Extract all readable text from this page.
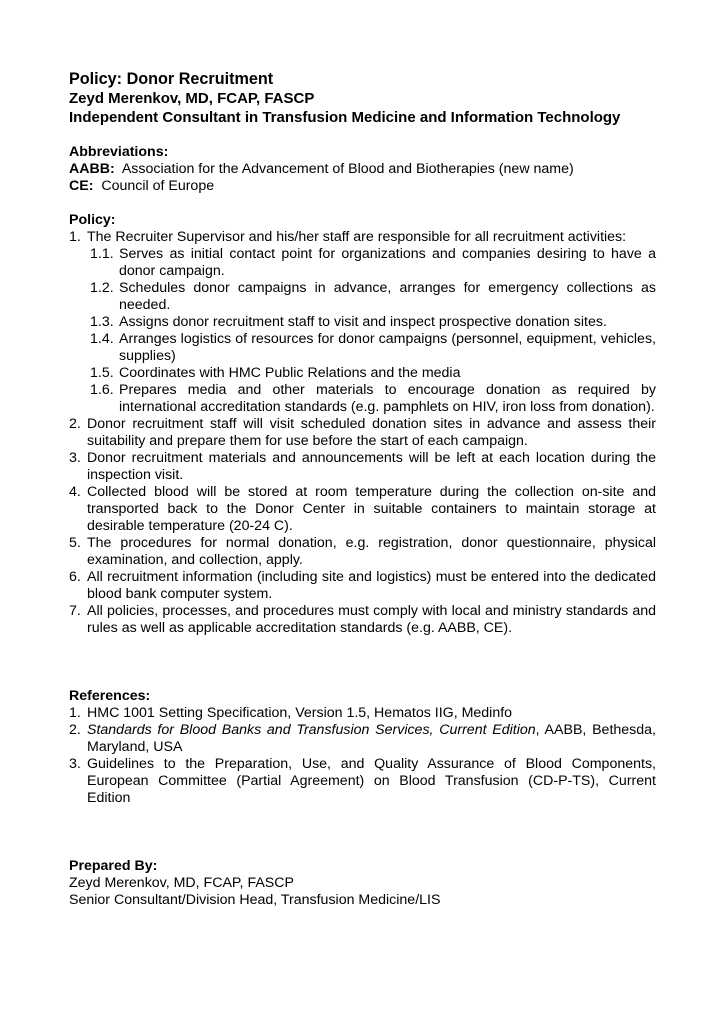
Policy: Donor Recruitment
Zeyd Merenkov, MD, FCAP, FASCP
Independent Consultant in Transfusion Medicine and Information Technology
Abbreviations:
AABB:  Association for the Advancement of Blood and Biotherapies (new name)
CE:  Council of Europe
Policy:
1. The Recruiter Supervisor and his/her staff are responsible for all recruitment activities:
1.1. Serves as initial contact point for organizations and companies desiring to have a donor campaign.
1.2. Schedules donor campaigns in advance, arranges for emergency collections as needed.
1.3. Assigns donor recruitment staff to visit and inspect prospective donation sites.
1.4. Arranges logistics of resources for donor campaigns (personnel, equipment, vehicles, supplies)
1.5. Coordinates with HMC Public Relations and the media
1.6. Prepares media and other materials to encourage donation as required by international accreditation standards (e.g. pamphlets on HIV, iron loss from donation).
2. Donor recruitment staff will visit scheduled donation sites in advance and assess their suitability and prepare them for use before the start of each campaign.
3. Donor recruitment materials and announcements will be left at each location during the inspection visit.
4. Collected blood will be stored at room temperature during the collection on-site and transported back to the Donor Center in suitable containers to maintain storage at desirable temperature (20-24 C).
5. The procedures for normal donation, e.g. registration, donor questionnaire, physical examination, and collection, apply.
6. All recruitment information (including site and logistics) must be entered into the dedicated blood bank computer system.
7. All policies, processes, and procedures must comply with local and ministry standards and rules as well as applicable accreditation standards (e.g. AABB, CE).
References:
1. HMC 1001 Setting Specification, Version 1.5, Hematos IIG, Medinfo
2. Standards for Blood Banks and Transfusion Services, Current Edition, AABB, Bethesda, Maryland, USA
3. Guidelines to the Preparation, Use, and Quality Assurance of Blood Components, European Committee (Partial Agreement) on Blood Transfusion (CD-P-TS), Current Edition
Prepared By:
Zeyd Merenkov, MD, FCAP, FASCP
Senior Consultant/Division Head, Transfusion Medicine/LIS
